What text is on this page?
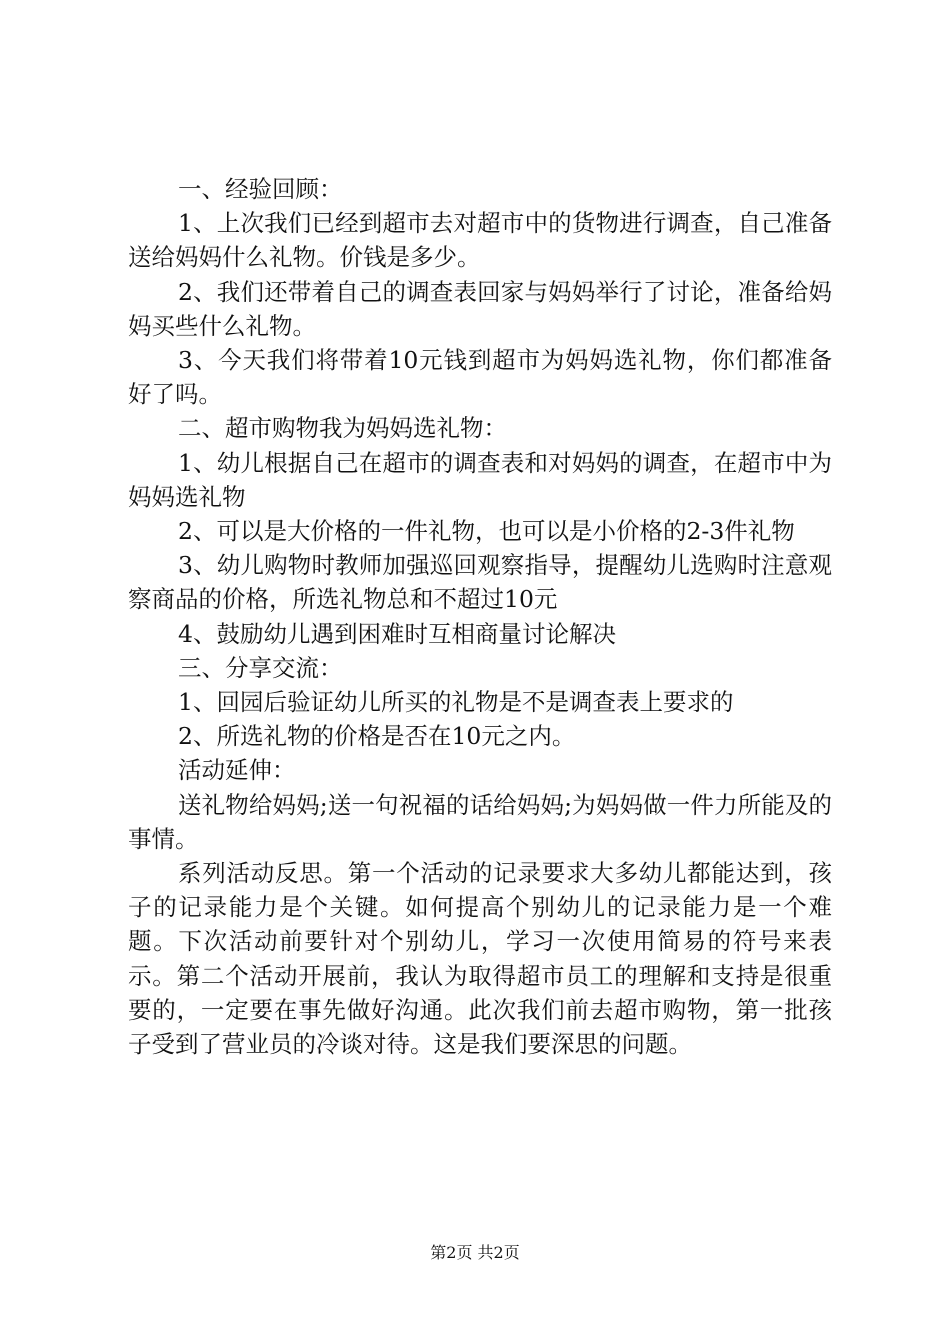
一、经验回顾：

1、上次我们已经到超市去对超市中的货物进行调查，自己准备送给妈妈什么礼物。价钱是多少。

2、我们还带着自己的调查表回家与妈妈举行了讨论，准备给妈妈买些什么礼物。

3、今天我们将带着10元钱到超市为妈妈选礼物，你们都准备好了吗。

二、超市购物我为妈妈选礼物：

1、幼儿根据自己在超市的调查表和对妈妈的调查，在超市中为妈妈选礼物

2、可以是大价格的一件礼物，也可以是小价格的2-3件礼物

3、幼儿购物时教师加强巡回观察指导，提醒幼儿选购时注意观察商品的价格，所选礼物总和不超过10元

4、鼓励幼儿遇到困难时互相商量讨论解决

三、分享交流：

1、回园后验证幼儿所买的礼物是不是调查表上要求的

2、所选礼物的价格是否在10元之内。

活动延伸：

送礼物给妈妈;送一句祝福的话给妈妈;为妈妈做一件力所能及的事情。

系列活动反思。第一个活动的记录要求大多幼儿都能达到，孩子的记录能力是个关键。如何提高个别幼儿的记录能力是一个难题。下次活动前要针对个别幼儿，学习一次使用简易的符号来表示。第二个活动开展前，我认为取得超市员工的理解和支持是很重要的，一定要在事先做好沟通。此次我们前去超市购物，第一批孩子受到了营业员的冷谈对待。这是我们要深思的问题。

第2页 共2页
